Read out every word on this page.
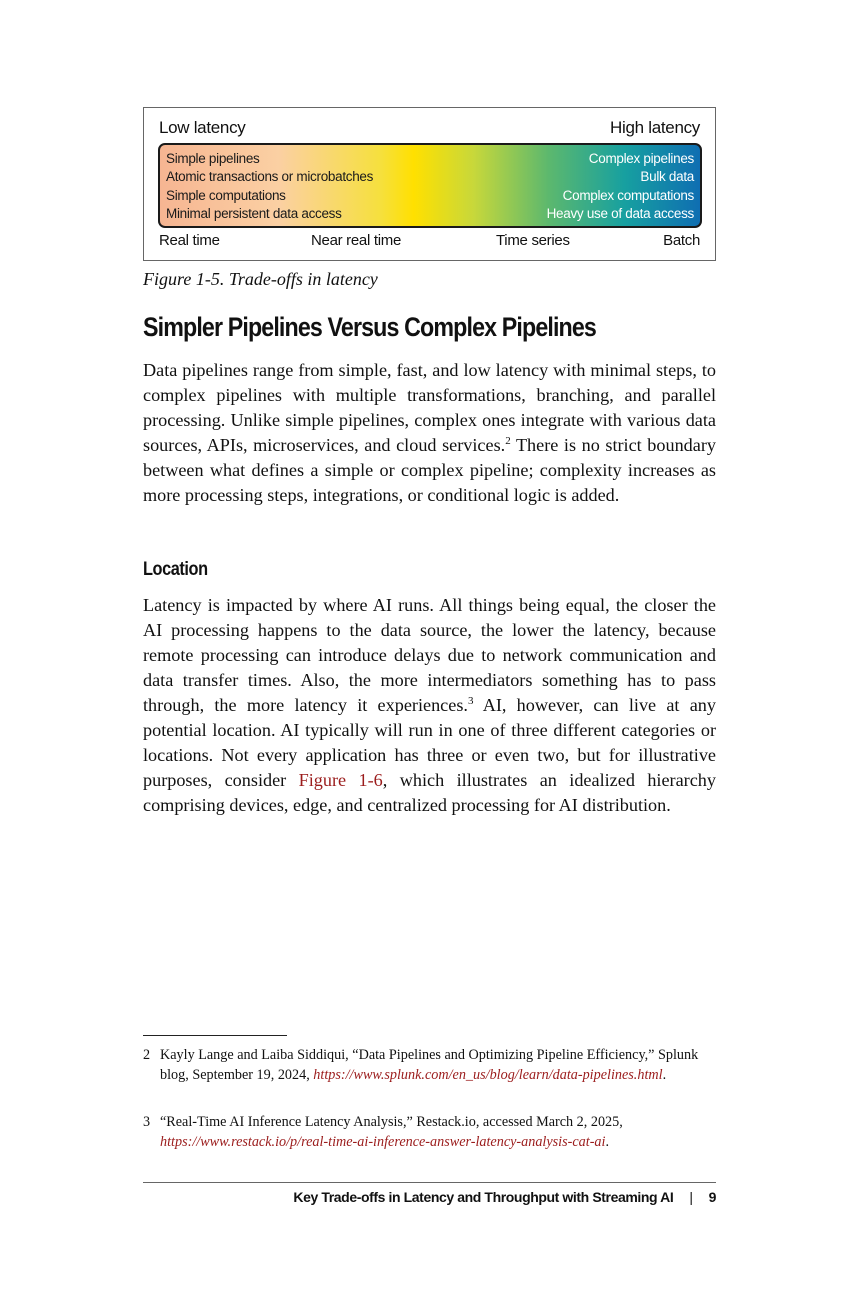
Low latency	High latency
Simple pipelines
Atomic transactions or microbatches
Simple computations
Minimal persistent data access
Complex pipelines
Bulk data
Complex computations
Heavy use of data access
Real time	Near real time	Time series	Batch
Figure 1-5. Trade-offs in latency
Simpler Pipelines Versus Complex Pipelines

Data pipelines range from simple, fast, and low latency with minimal steps, to complex pipelines with multiple transformations, branching, and parallel processing. Unlike simple pipelines, complex ones integrate with various data sources, APIs, microservices, and cloud services.$^2$ There is no strict boundary between what defines a simple or complex pipeline; complexity increases as more processing steps, integrations, or conditional logic is added.

Location

Latency is impacted by where AI runs. All things being equal, the closer the AI processing happens to the data source, the lower the latency, because remote processing can introduce delays due to network communication and data transfer times. Also, the more intermediators something has to pass through, the more latency it experiences.$^3$ AI, however, can live at any potential location. AI typically will run in one of three different categories or locations. Not every application has three or even two, but for illustrative purposes, consider Figure 1-6, which illustrates an idealized hierarchy comprising devices, edge, and centralized processing for AI distribution.

2 Kayly Lange and Laiba Siddiqui, “Data Pipelines and Optimizing Pipeline Efficiency,” Splunk blog, September 19, 2024, https://www.splunk.com/en_us/blog/learn/data-pipelines.html.
3 “Real-Time AI Inference Latency Analysis,” Restack.io, accessed March 2, 2025, https://www.restack.io/p/real-time-ai-inference-answer-latency-analysis-cat-ai.
Key Trade-offs in Latency and Throughput with Streaming AI | 9
